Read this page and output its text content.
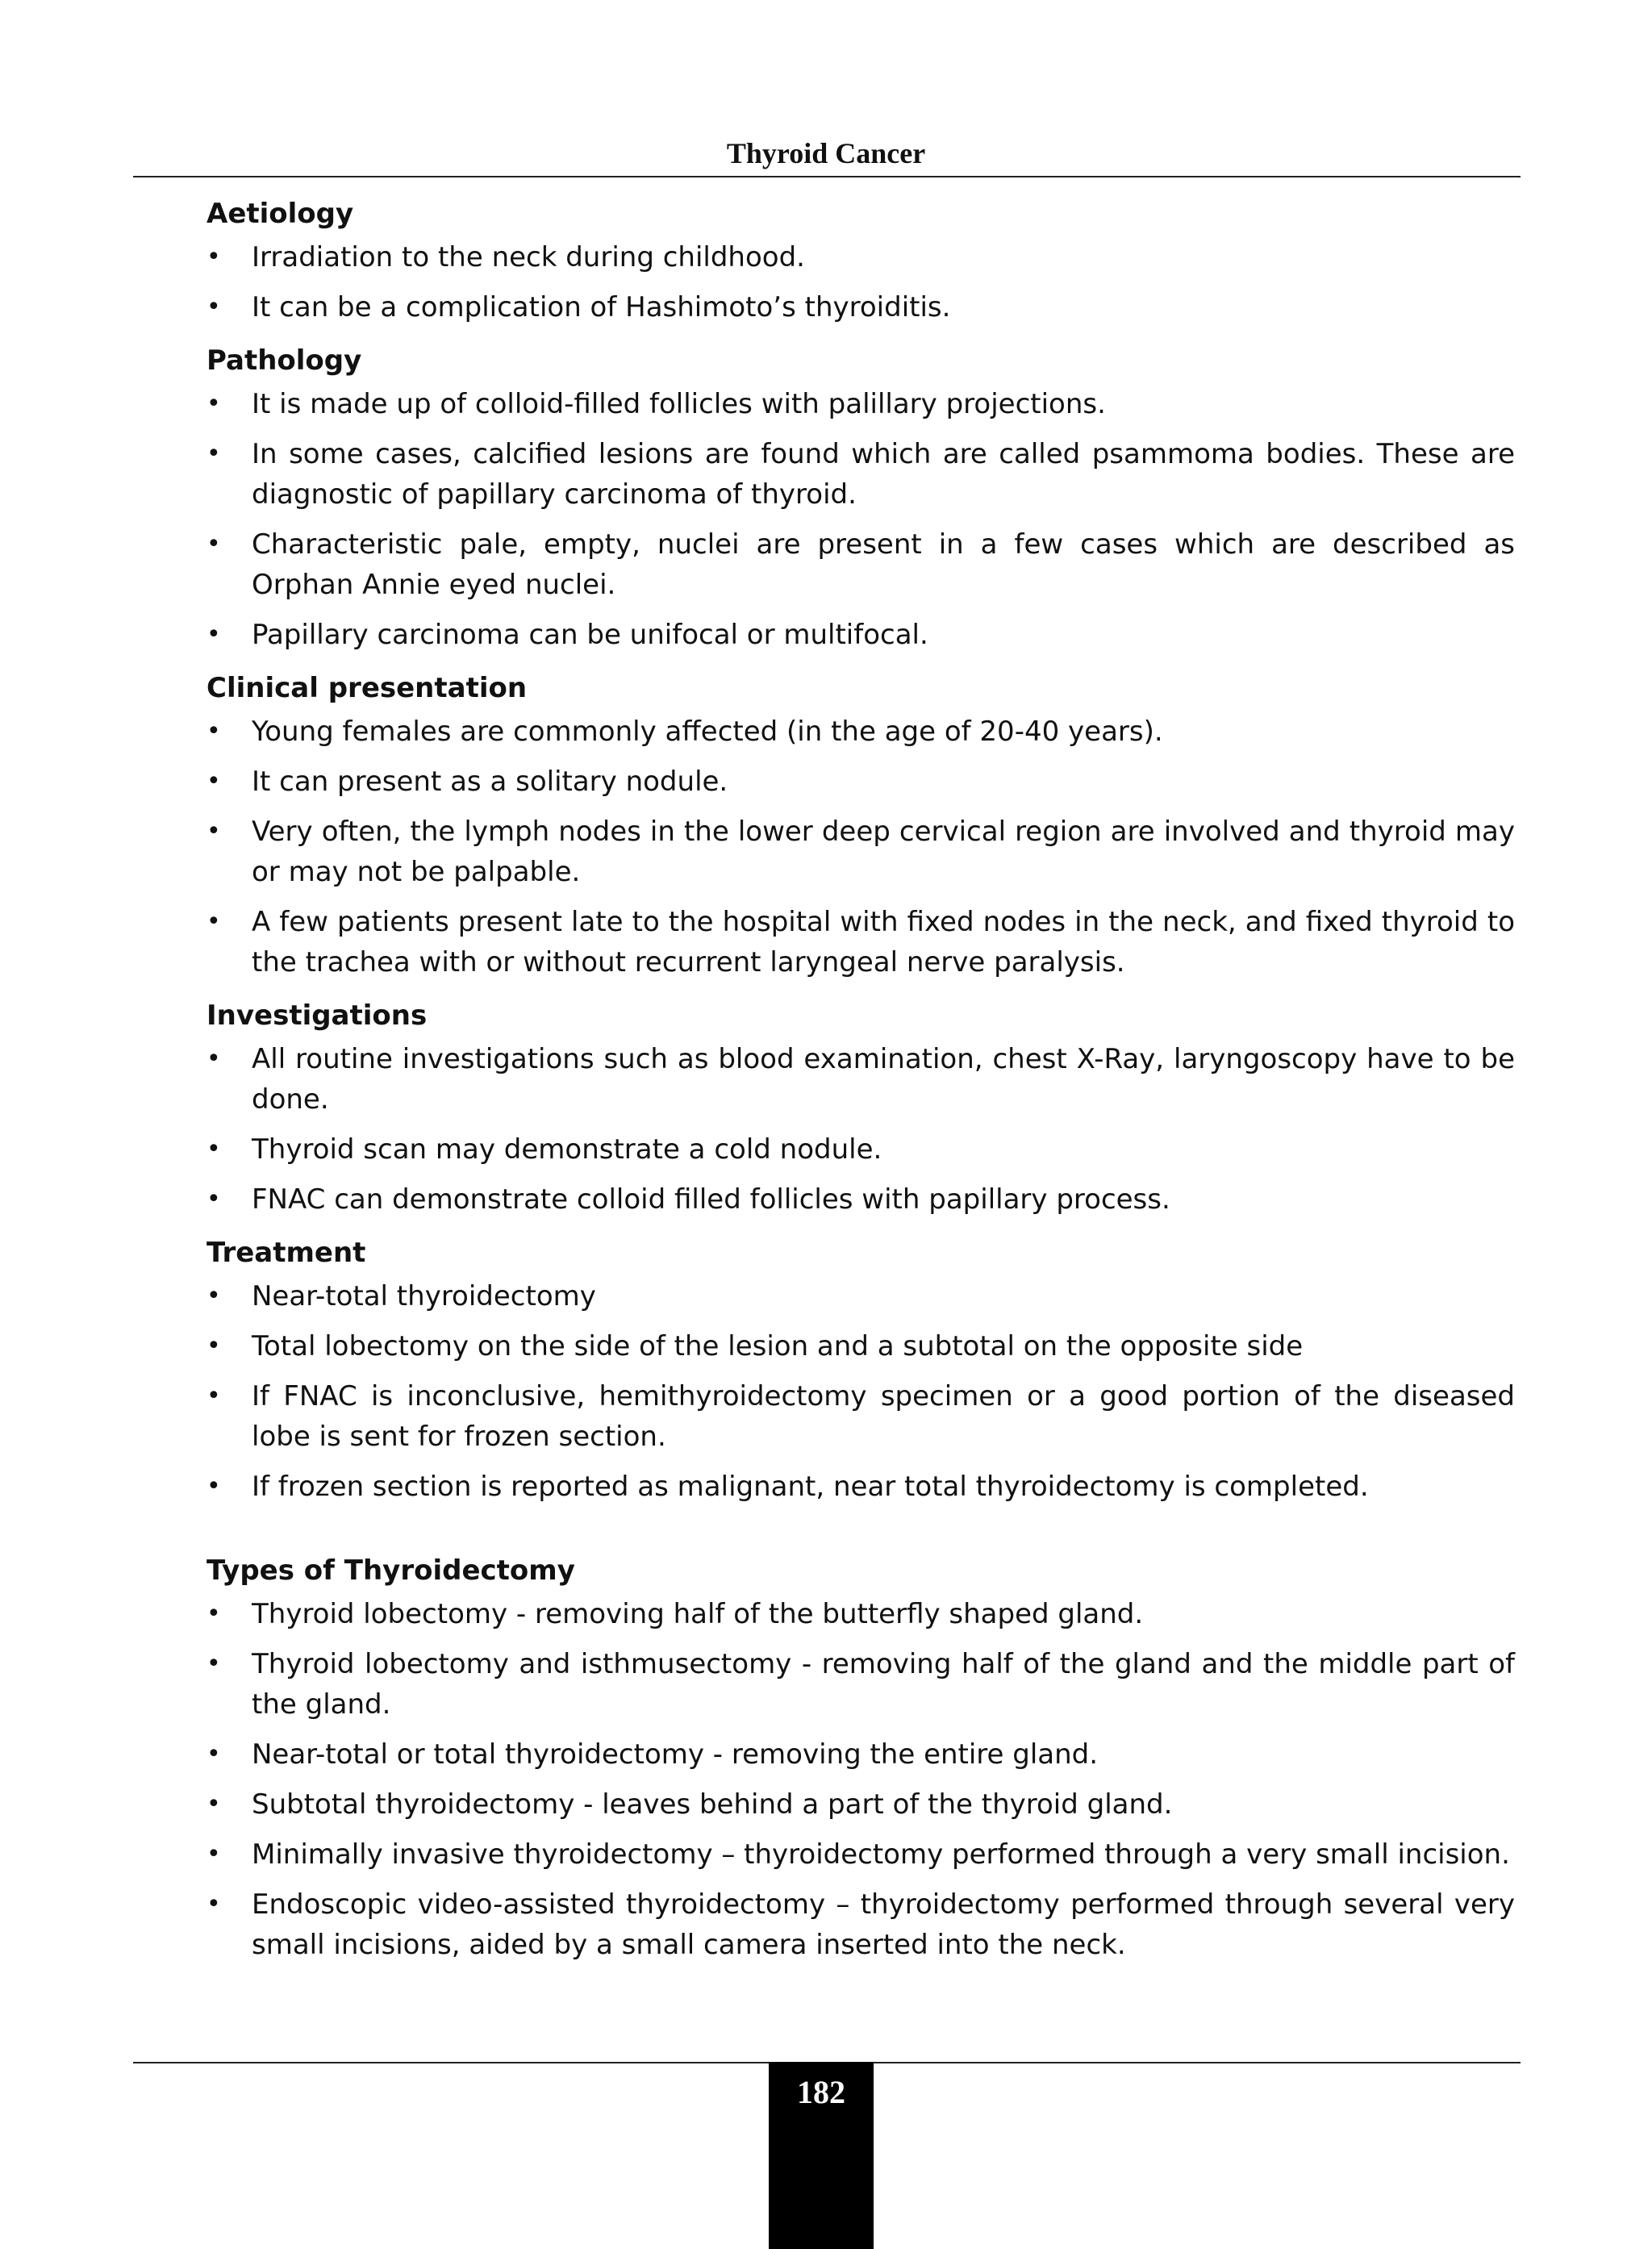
Thyroid Cancer
Aetiology
• Irradiation to the neck during childhood.
• It can be a complication of Hashimoto’s thyroiditis.
Pathology
• It is made up of colloid-filled follicles with palillary projections.
• In some cases, calcified lesions are found which are called psammoma bodies. These are diagnostic of papillary carcinoma of thyroid.
• Characteristic pale, empty, nuclei are present in a few cases which are described as Orphan Annie eyed nuclei.
• Papillary carcinoma can be unifocal or multifocal.
Clinical presentation
• Young females are commonly affected (in the age of 20-40 years).
• It can present as a solitary nodule.
• Very often, the lymph nodes in the lower deep cervical region are involved and thyroid may or may not be palpable.
• A few patients present late to the hospital with fixed nodes in the neck, and fixed thyroid to the trachea with or without recurrent laryngeal nerve paralysis.
Investigations
• All routine investigations such as blood examination, chest X-Ray, laryngoscopy have to be done.
• Thyroid scan may demonstrate a cold nodule.
• FNAC can demonstrate colloid filled follicles with papillary process.
Treatment
• Near-total thyroidectomy
• Total lobectomy on the side of the lesion and a subtotal on the opposite side
• If FNAC is inconclusive, hemithyroidectomy specimen or a good portion of the diseased lobe is sent for frozen section.
• If frozen section is reported as malignant, near total thyroidectomy is completed.
Types of Thyroidectomy
• Thyroid lobectomy - removing half of the butterfly shaped gland.
• Thyroid lobectomy and isthmusectomy - removing half of the gland and the middle part of the gland.
• Near-total or total thyroidectomy - removing the entire gland.
• Subtotal thyroidectomy - leaves behind a part of the thyroid gland.
• Minimally invasive thyroidectomy – thyroidectomy performed through a very small incision.
• Endoscopic video-assisted thyroidectomy – thyroidectomy performed through several very small incisions, aided by a small camera inserted into the neck.
182
